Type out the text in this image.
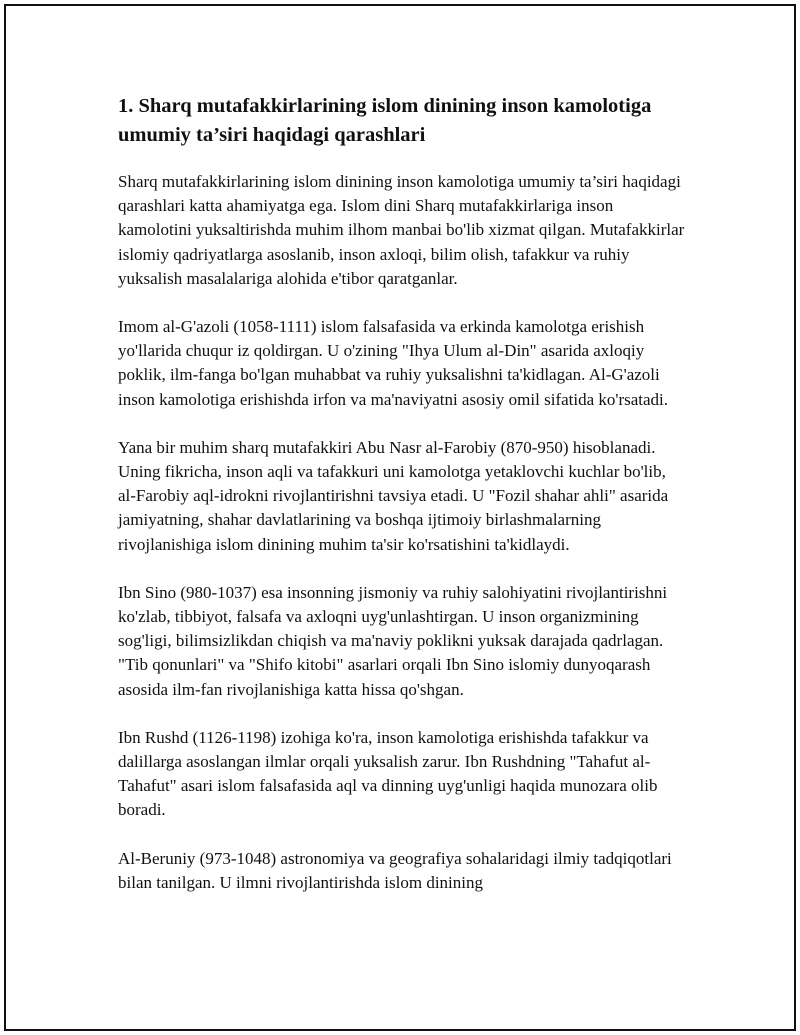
1. Sharq mutafakkirlarining islom dinining inson kamolotiga umumiy ta’siri haqidagi qarashlari

Sharq mutafakkirlarining islom dinining inson kamolotiga umumiy ta’siri haqidagi qarashlari katta ahamiyatga ega. Islom dini Sharq mutafakkirlariga inson kamolotini yuksaltirishda muhim ilhom manbai bo'lib xizmat qilgan. Mutafakkirlar islomiy qadriyatlarga asoslanib, inson axloqi, bilim olish, tafakkur va ruhiy yuksalish masalalariga alohida e'tibor qaratganlar.

Imom al-G'azoli (1058-1111) islom falsafasida va erkinda kamolotga erishish yo'llarida chuqur iz qoldirgan. U o'zining "Ihya Ulum al-Din" asarida axloqiy poklik, ilm-fanga bo'lgan muhabbat va ruhiy yuksalishni ta'kidlagan. Al-G'azoli inson kamolotiga erishishda irfon va ma'naviyatni asosiy omil sifatida ko'rsatadi.

Yana bir muhim sharq mutafakkiri Abu Nasr al-Farobiy (870-950) hisoblanadi. Uning fikricha, inson aqli va tafakkuri uni kamolotga yetaklovchi kuchlar bo'lib, al-Farobiy aql-idrokni rivojlantirishni tavsiya etadi. U "Fozil shahar ahli" asarida jamiyatning, shahar davlatlarining va boshqa ijtimoiy birlashmalarning rivojlanishiga islom dinining muhim ta'sir ko'rsatishini ta'kidlaydi.

Ibn Sino (980-1037) esa insonning jismoniy va ruhiy salohiyatini rivojlantirishni ko'zlab, tibbiyot, falsafa va axloqni uyg'unlashtirgan. U inson organizmining sog'ligi, bilimsizlikdan chiqish va ma'naviy poklikni yuksak darajada qadrlagan. "Tib qonunlari" va "Shifo kitobi" asarlari orqali Ibn Sino islomiy dunyoqarash asosida ilm-fan rivojlanishiga katta hissa qo'shgan.

Ibn Rushd (1126-1198) izohiga ko'ra, inson kamolotiga erishishda tafakkur va dalillarga asoslangan ilmlar orqali yuksalish zarur. Ibn Rushdning "Tahafut al-Tahafut" asari islom falsafasida aql va dinning uyg'unligi haqida munozara olib boradi.

Al-Beruniy (973-1048) astronomiya va geografiya sohalaridagi ilmiy tadqiqotlari bilan tanilgan. U ilmni rivojlantirishda islom dinining
